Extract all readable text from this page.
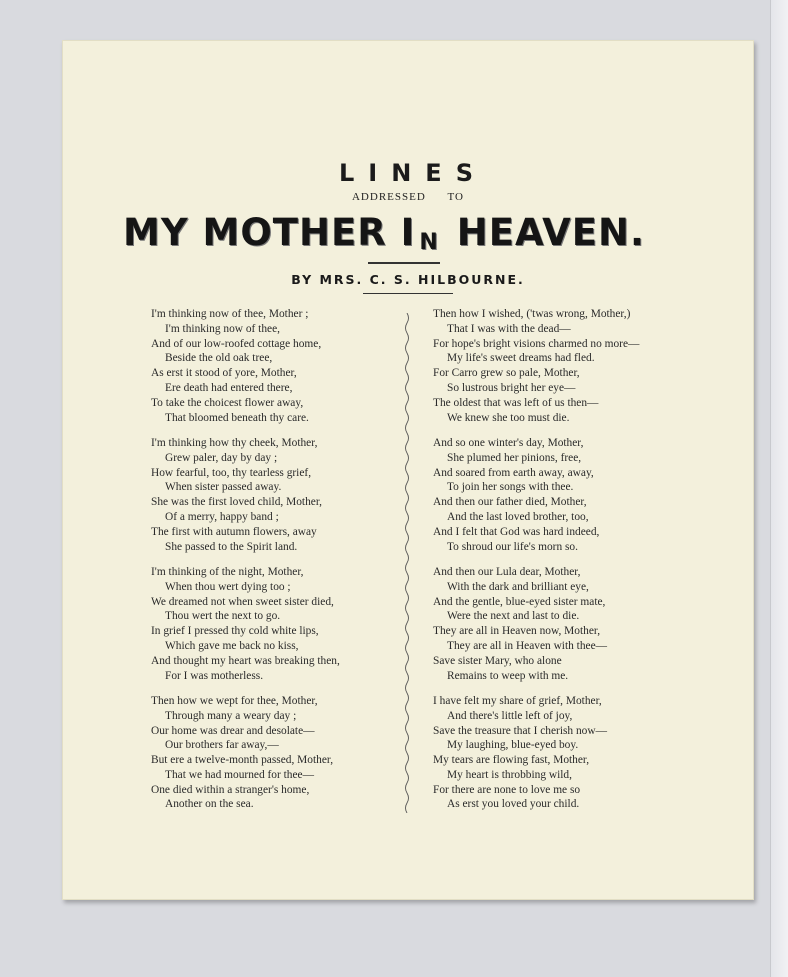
LINES
ADDRESSED TO
MY MOTHER I N HEAVEN.
BY MRS. C. S. HILBOURNE.
I'm thinking now of thee, Mother ;
I'm thinking now of thee,
And of our low-roofed cottage home,
Beside the old oak tree,
As erst it stood of yore, Mother,
Ere death had entered there,
To take the choicest flower away,
That bloomed beneath thy care.
I'm thinking how thy cheek, Mother,
Grew paler, day by day ;
How fearful, too, thy tearless grief,
When sister passed away.
She was the first loved child, Mother,
Of a merry, happy band ;
The first with autumn flowers, away
She passed to the Spirit land.
I'm thinking of the night, Mother,
When thou wert dying too ;
We dreamed not when sweet sister died,
Thou wert the next to go.
In grief I pressed thy cold white lips,
Which gave me back no kiss,
And thought my heart was breaking then,
For I was motherless.
Then how we wept for thee, Mother,
Through many a weary day ;
Our home was drear and desolate—
Our brothers far away,—
But ere a twelve-month passed, Mother,
That we had mourned for thee—
One died within a stranger's home,
Another on the sea.
Then how I wished, ('twas wrong, Mother,)
That I was with the dead—
For hope's bright visions charmed no more—
My life's sweet dreams had fled.
For Carro grew so pale, Mother,
So lustrous bright her eye—
The oldest that was left of us then—
We knew she too must die.
And so one winter's day, Mother,
She plumed her pinions, free,
And soared from earth away, away,
To join her songs with thee.
And then our father died, Mother,
And the last loved brother, too,
And I felt that God was hard indeed,
To shroud our life's morn so.
And then our Lula dear, Mother,
With the dark and brilliant eye,
And the gentle, blue-eyed sister mate,
Were the next and last to die.
They are all in Heaven now, Mother,
They are all in Heaven with thee—
Save sister Mary, who alone
Remains to weep with me.
I have felt my share of grief, Mother,
And there's little left of joy,
Save the treasure that I cherish now—
My laughing, blue-eyed boy.
My tears are flowing fast, Mother,
My heart is throbbing wild,
For there are none to love me so
As erst you loved your child.
